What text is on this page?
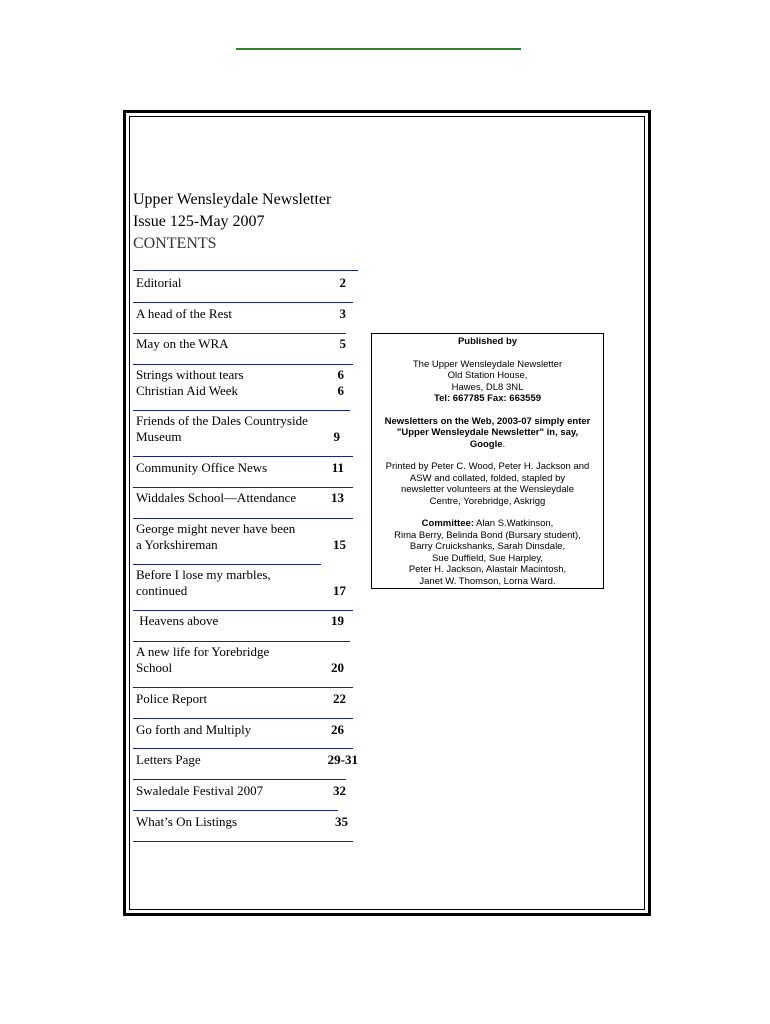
Upper Wensleydale Newsletter
Issue 125-May 2007
CONTENTS
Editorial	2
A head of the Rest	3
May on the WRA	5
Strings without tears	6
Christian Aid Week	6
Friends of the Dales Countryside
Museum	9
Community Office News	11
Widdales School—Attendance	13
George might never have been
a Yorkshireman	15
Before I lose my marbles,
continued	17
Heavens above	19
A new life for Yorebridge
School	20
Police Report	22
Go forth and Multiply	26
Letters Page	29-31
Swaledale Festival 2007	32
What’s On Listings	35

Published by

The Upper Wensleydale Newsletter

Old Station House,

Hawes, DL8 3NL

Tel: 667785 Fax: 663559

Newsletters on the Web, 2003-07 simply enter

"Upper Wensleydale Newsletter" in, say,

Google.

Printed by Peter C. Wood, Peter H. Jackson and

ASW and collated, folded, stapled by

newsletter volunteers at the Wensleydale

Centre, Yorebridge, Askrigg

Committee: Alan S.Watkinson,

Rima Berry, Belinda Bond (Bursary student),

Barry Cruickshanks, Sarah Dinsdale,

Sue Duffield, Sue Harpley,

Peter H. Jackson, Alastair Macintosh,

Janet W. Thomson, Lorna Ward.
